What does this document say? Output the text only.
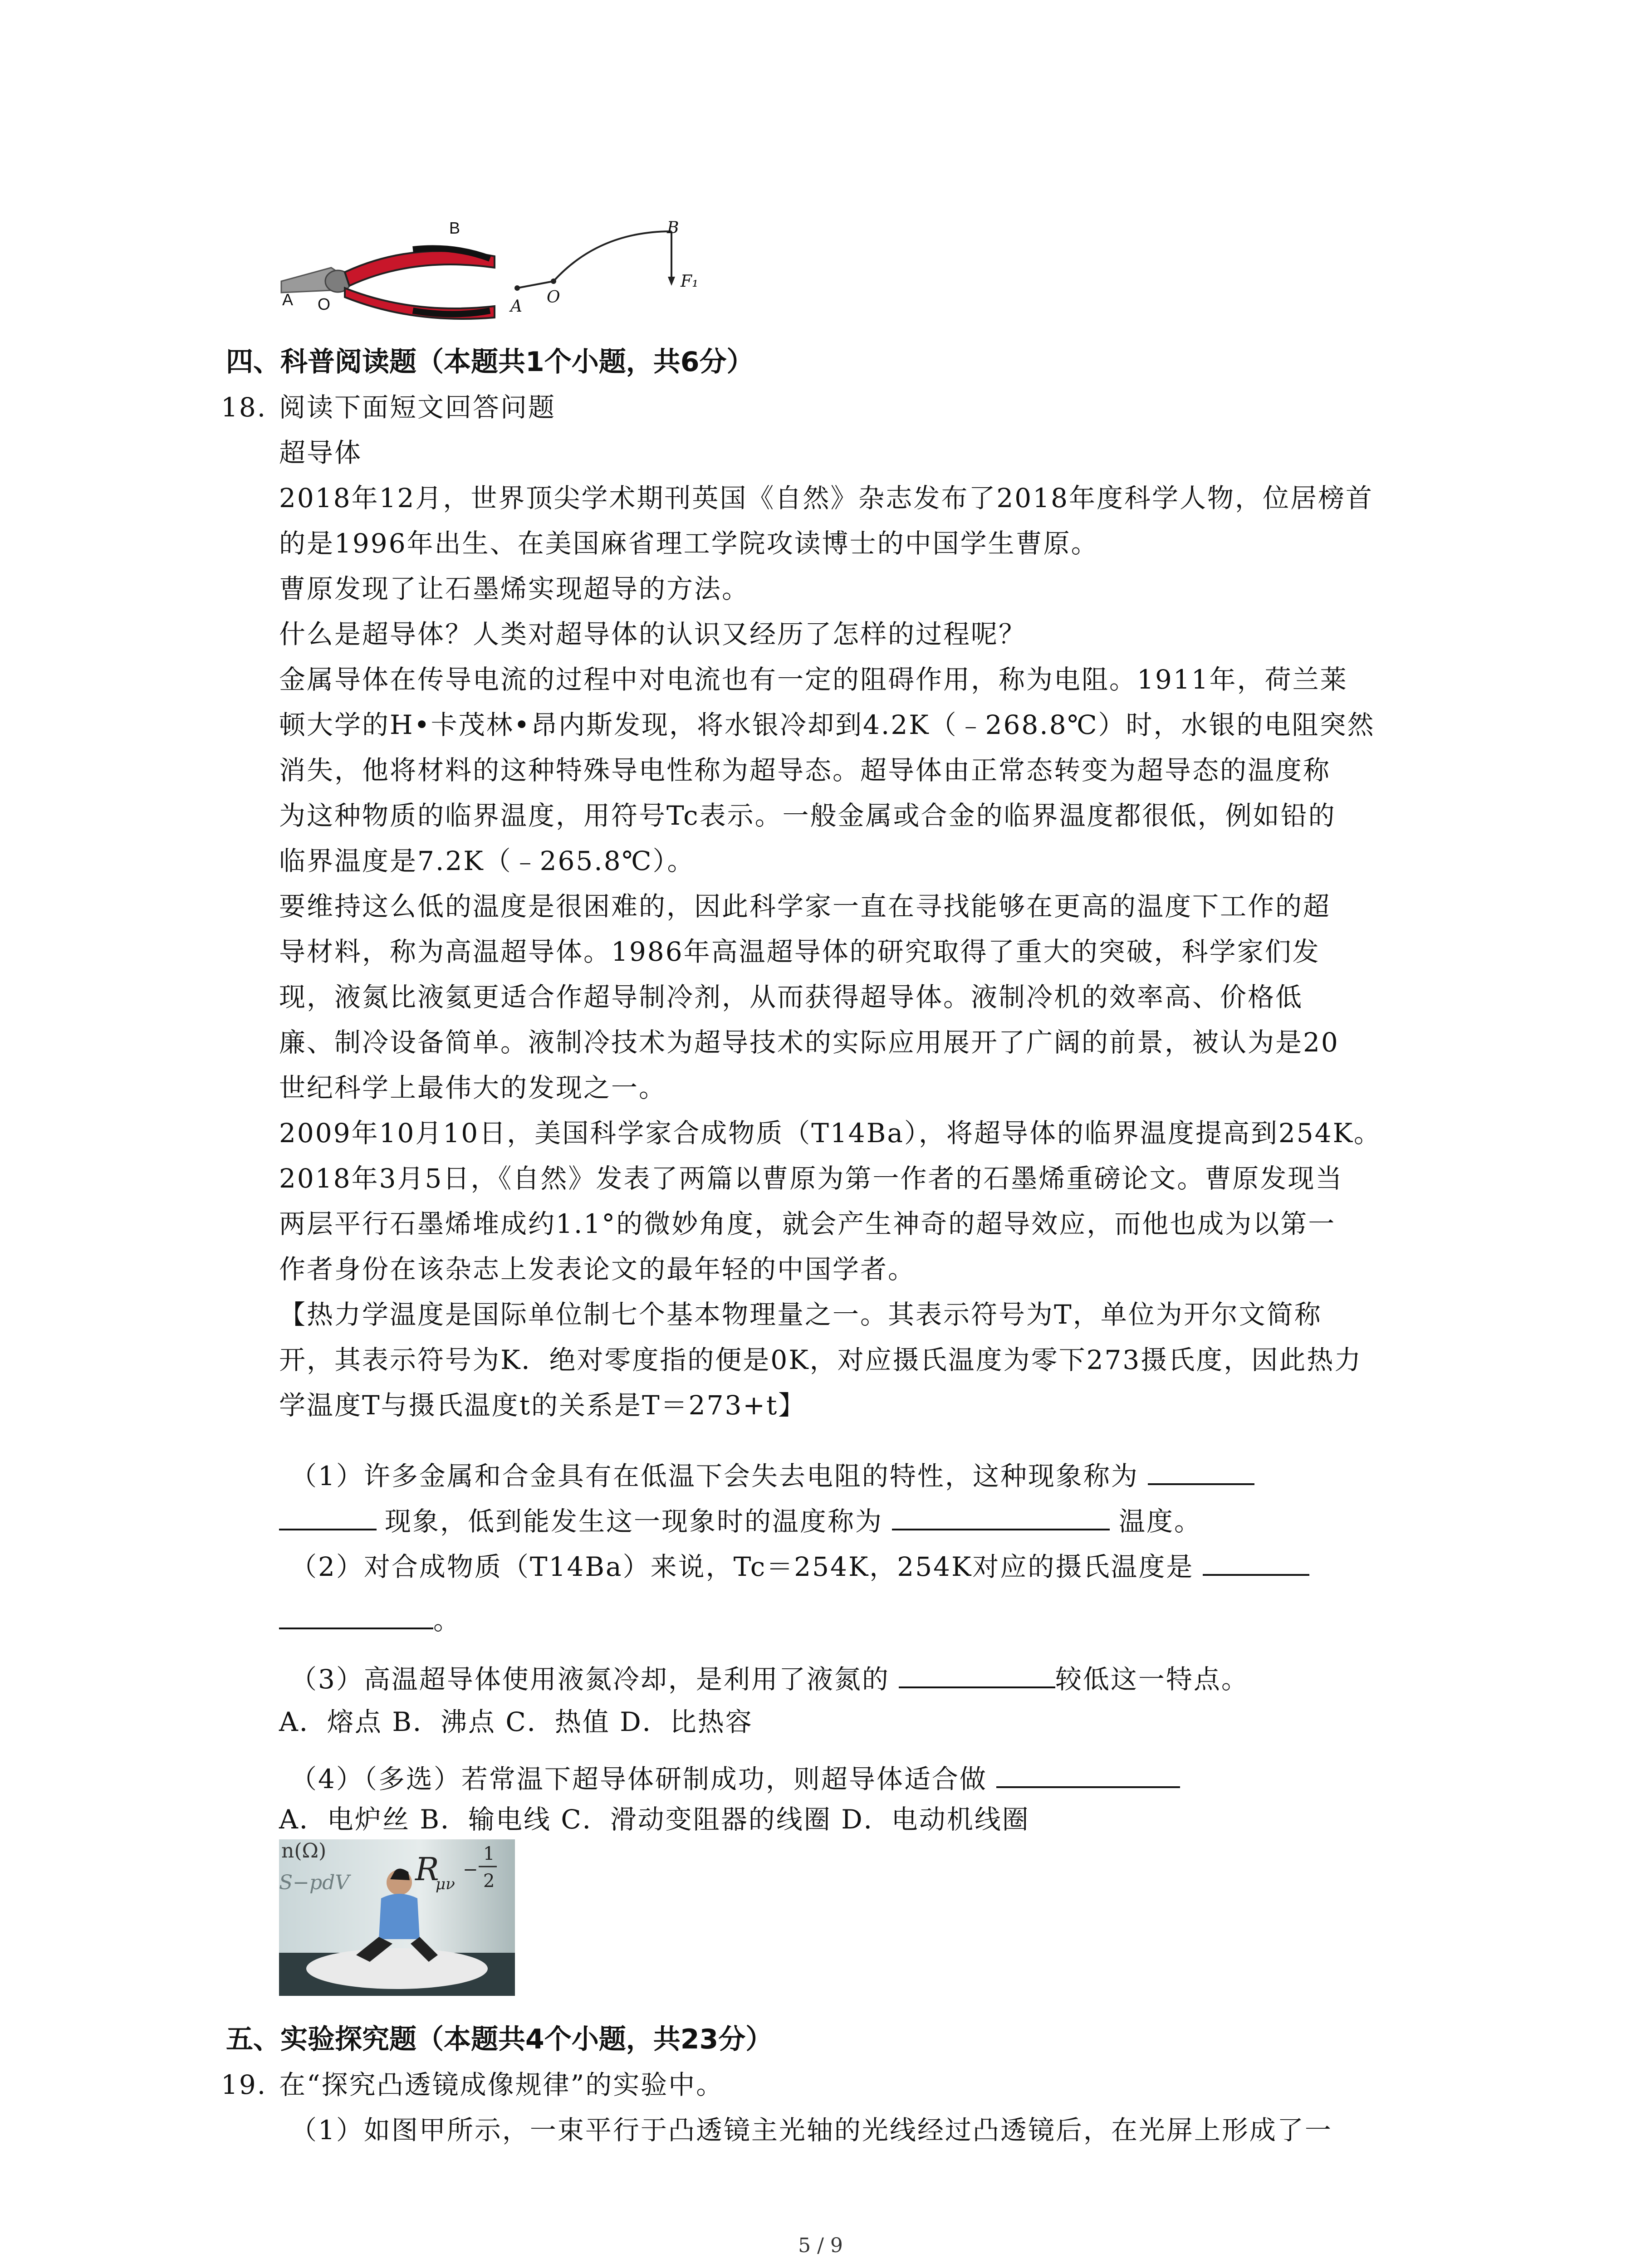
B
A O
B
A O
F₁
四、科普阅读题（本题共1个小题，共6分）
18. 阅读下面短文回答问题
超导体
2018年12月，世界顶尖学术期刊英国《自然》杂志发布了2018年度科学人物，位居榜首
的是1996年出生、在美国麻省理工学院攻读博士的中国学生曹原。
曹原发现了让石墨烯实现超导的方法。
什么是超导体？人类对超导体的认识又经历了怎样的过程呢？
金属导体在传导电流的过程中对电流也有一定的阻碍作用，称为电阻。1911年，荷兰莱
顿大学的H•卡茂林•昂内斯发现，将水银冷却到4.2K（﹣268.8℃）时，水银的电阻突然
消失，他将材料的这种特殊导电性称为超导态。超导体由正常态转变为超导态的温度称
为这种物质的临界温度，用符号Tc表示。一般金属或合金的临界温度都很低，例如铅的
临界温度是7.2K（﹣265.8℃）。
要维持这么低的温度是很困难的，因此科学家一直在寻找能够在更高的温度下工作的超
导材料，称为高温超导体。1986年高温超导体的研究取得了重大的突破，科学家们发
现，液氮比液氦更适合作超导制冷剂，从而获得超导体。液制冷机的效率高、价格低
廉、制冷设备简单。液制冷技术为超导技术的实际应用展开了广阔的前景，被认为是20
世纪科学上最伟大的发现之一。
2009年10月10日，美国科学家合成物质（T14Ba），将超导体的临界温度提高到254K。
2018年3月5日，《自然》发表了两篇以曹原为第一作者的石墨烯重磅论文。曹原发现当
两层平行石墨烯堆成约1.1°的微妙角度，就会产生神奇的超导效应，而他也成为以第一
作者身份在该杂志上发表论文的最年轻的中国学者。
【热力学温度是国际单位制七个基本物理量之一。其表示符号为T，单位为开尔文简称
开，其表示符号为K．绝对零度指的便是0K，对应摄氏温度为零下273摄氏度，因此热力
学温度T与摄氏温度t的关系是T＝273+t】
（1）许多金属和合金具有在低温下会失去电阻的特性，这种现象称为
现象，低到能发生这一现象时的温度称为	温度。
（2）对合成物质（T14Ba）来说，Tc＝254K，254K对应的摄氏温度是
。
（3）高温超导体使用液氮冷却，是利用了液氮的	较低这一特点。
A．熔点 B．沸点 C．热值 D．比热容
（4）（多选）若常温下超导体研制成功，则超导体适合做
A．电炉丝 B．输电线 C．滑动变阻器的线圈 D．电动机线圈
n(Ω)
S−pdV R
μν
−
1
2
五、实验探究题（本题共4个小题，共23分）
19. 在“探究凸透镜成像规律”的实验中。
（1）如图甲所示，一束平行于凸透镜主光轴的光线经过凸透镜后，在光屏上形成了一
5 / 9
